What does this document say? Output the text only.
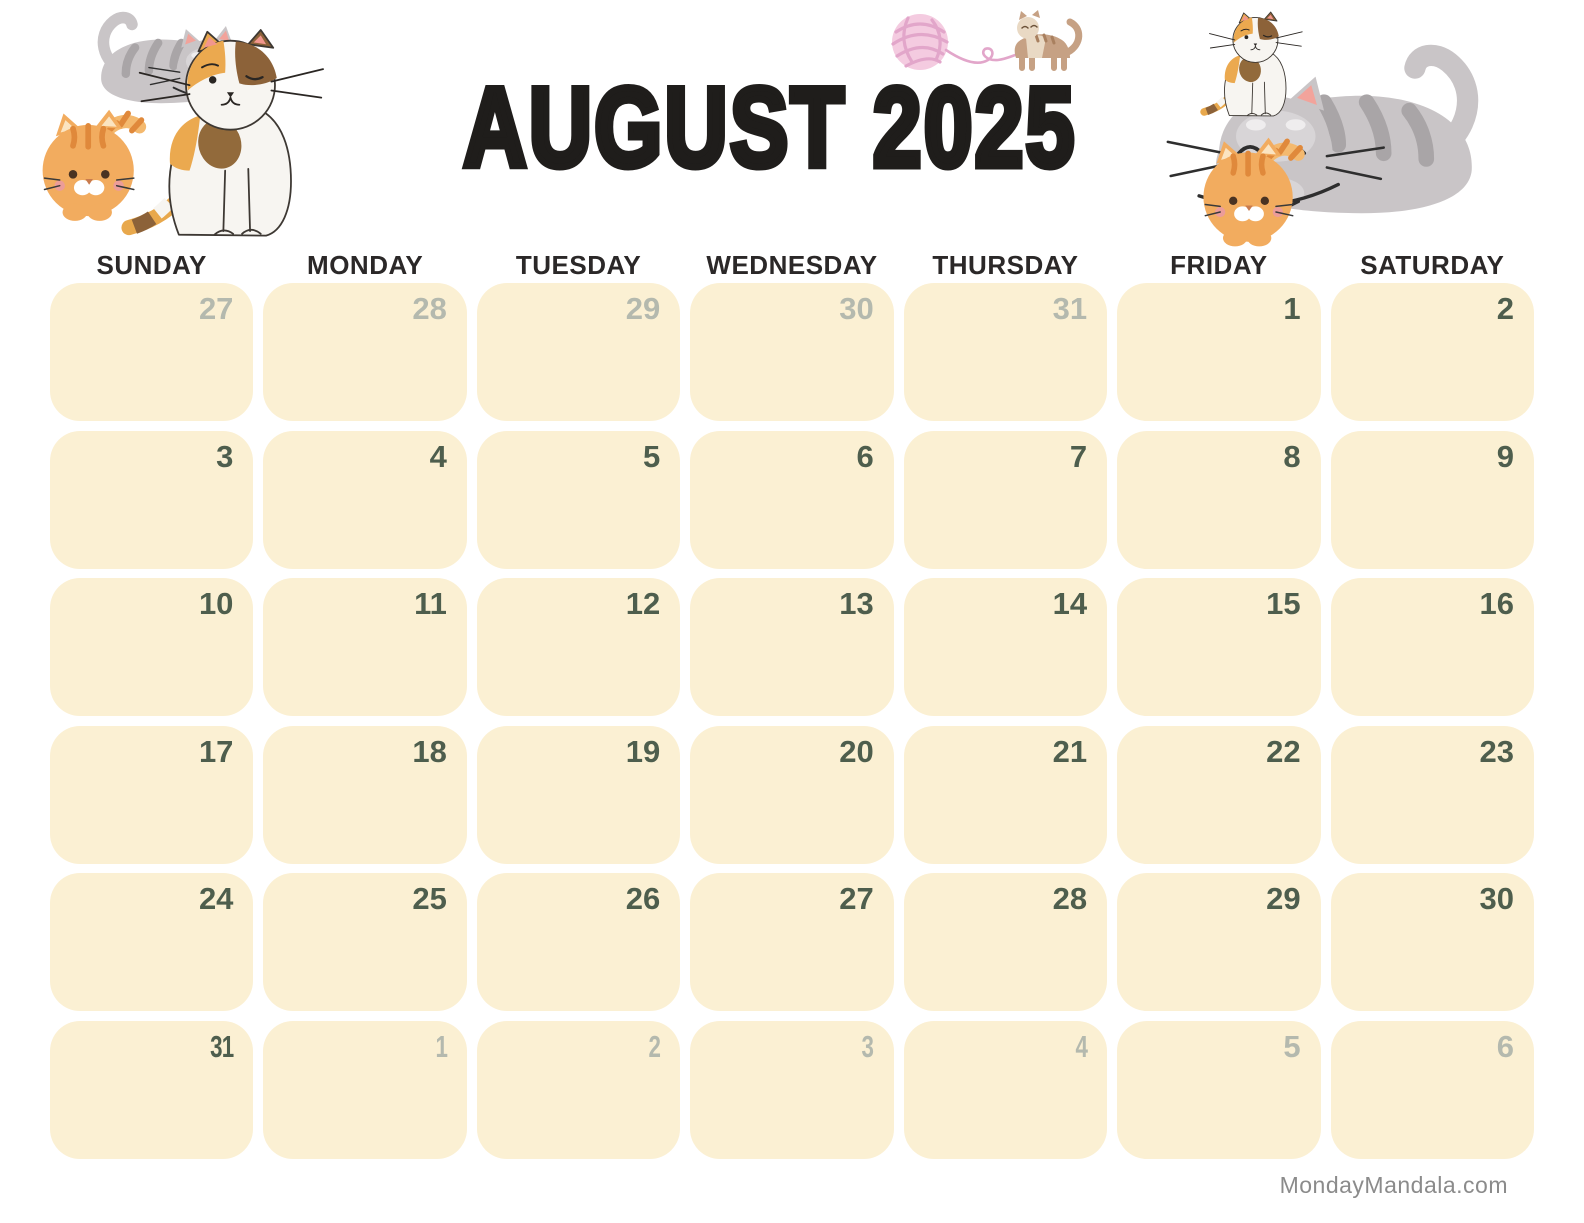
AUGUST 2025
SUNDAY	MONDAY	TUESDAY	WEDNESDAY	THURSDAY	FRIDAY	SATURDAY
27	28	29	30	31	1	2
3	4	5	6	7	8	9
10	11	12	13	14	15	16
17	18	19	20	21	22	23
24	25	26	27	28	29	30
31	1	2	3	4	5	6
MondayMandala.com
